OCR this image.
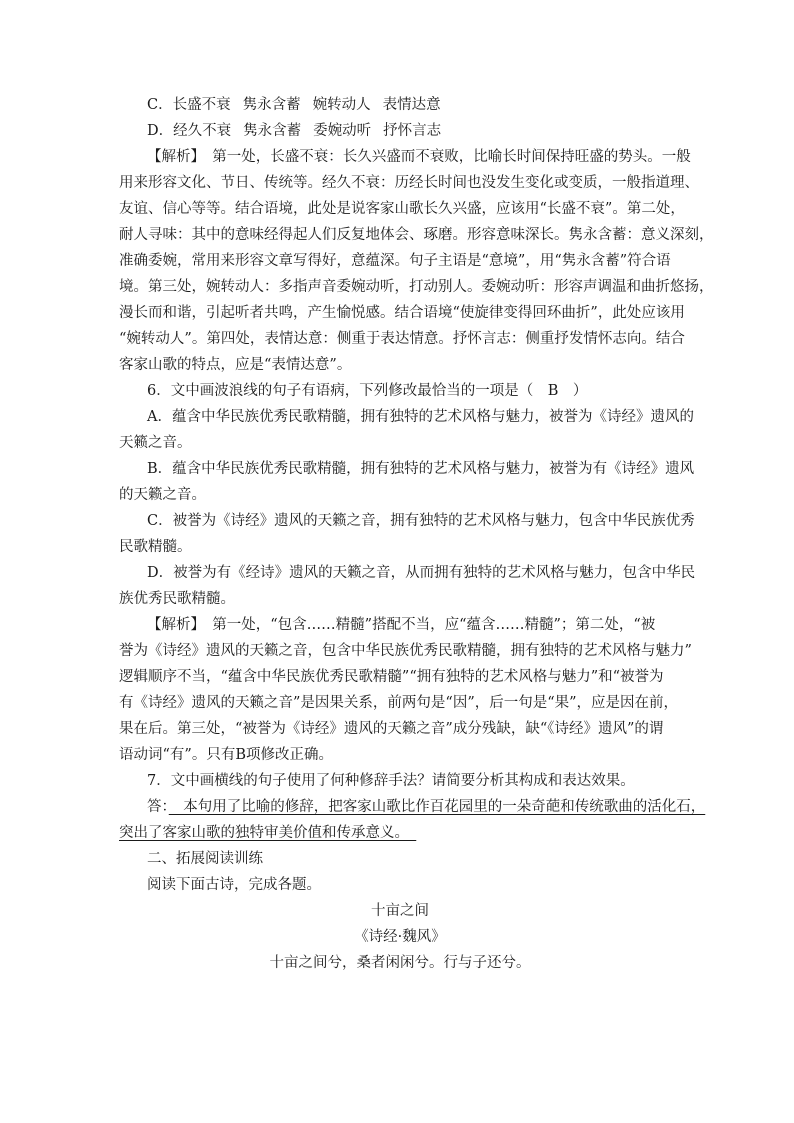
C．长盛不衰 隽永含蓄 婉转动人 表情达意
D．经久不衰 隽永含蓄 委婉动听 抒怀言志
【解析】　第一处，长盛不衰：长久兴盛而不衰败，比喻长时间保持旺盛的势头。一般
用来形容文化、节日、传统等。经久不衰：历经长时间也没发生变化或变质，一般指道理、
友谊、信心等等。结合语境，此处是说客家山歌长久兴盛，应该用“长盛不衰”。第二处，
耐人寻味：其中的意味经得起人们反复地体会、琢磨。形容意味深长。隽永含蓄：意义深刻，
准确委婉，常用来形容文章写得好，意蕴深。句子主语是“意境”，用“隽永含蓄”符合语
境。第三处，婉转动人：多指声音委婉动听，打动别人。委婉动听：形容声调温和曲折悠扬，
漫长而和谐，引起听者共鸣，产生愉悦感。结合语境“使旋律变得回环曲折”，此处应该用
“婉转动人”。第四处，表情达意：侧重于表达情意。抒怀言志：侧重抒发情怀志向。结合
客家山歌的特点，应是“表情达意”。
6．文中画波浪线的句子有语病，下列修改最恰当的一项是（　B　）
A．蕴含中华民族优秀民歌精髓，拥有独特的艺术风格与魅力，被誉为《诗经》遗风的
天籁之音。
B．蕴含中华民族优秀民歌精髓，拥有独特的艺术风格与魅力，被誉为有《诗经》遗风
的天籁之音。
C．被誉为《诗经》遗风的天籁之音，拥有独特的艺术风格与魅力，包含中华民族优秀
民歌精髓。
D．被誉为有《经诗》遗风的天籁之音，从而拥有独特的艺术风格与魅力，包含中华民
族优秀民歌精髓。
【解析】　第一处，“包含……精髓”搭配不当，应“蕴含……精髓”；第二处，“被
誉为《诗经》遗风的天籁之音，包含中华民族优秀民歌精髓，拥有独特的艺术风格与魅力”
逻辑顺序不当，“蕴含中华民族优秀民歌精髓”“拥有独特的艺术风格与魅力”和“被誉为
有《诗经》遗风的天籁之音”是因果关系，前两句是“因”，后一句是“果”，应是因在前，
果在后。第三处，“被誉为《诗经》遗风的天籁之音”成分残缺，缺“《诗经》遗风”的谓
语动词“有”。只有B项修改正确。
7．文中画横线的句子使用了何种修辞手法？请简要分析其构成和表达效果。
答：　本句用了比喻的修辞，把客家山歌比作百花园里的一朵奇葩和传统歌曲的活化石，
突出了客家山歌的独特审美价值和传承意义。　
二、拓展阅读训练
阅读下面古诗，完成各题。
十亩之间
《诗经·魏风》
十亩之间兮，桑者闲闲兮。行与子还兮。
